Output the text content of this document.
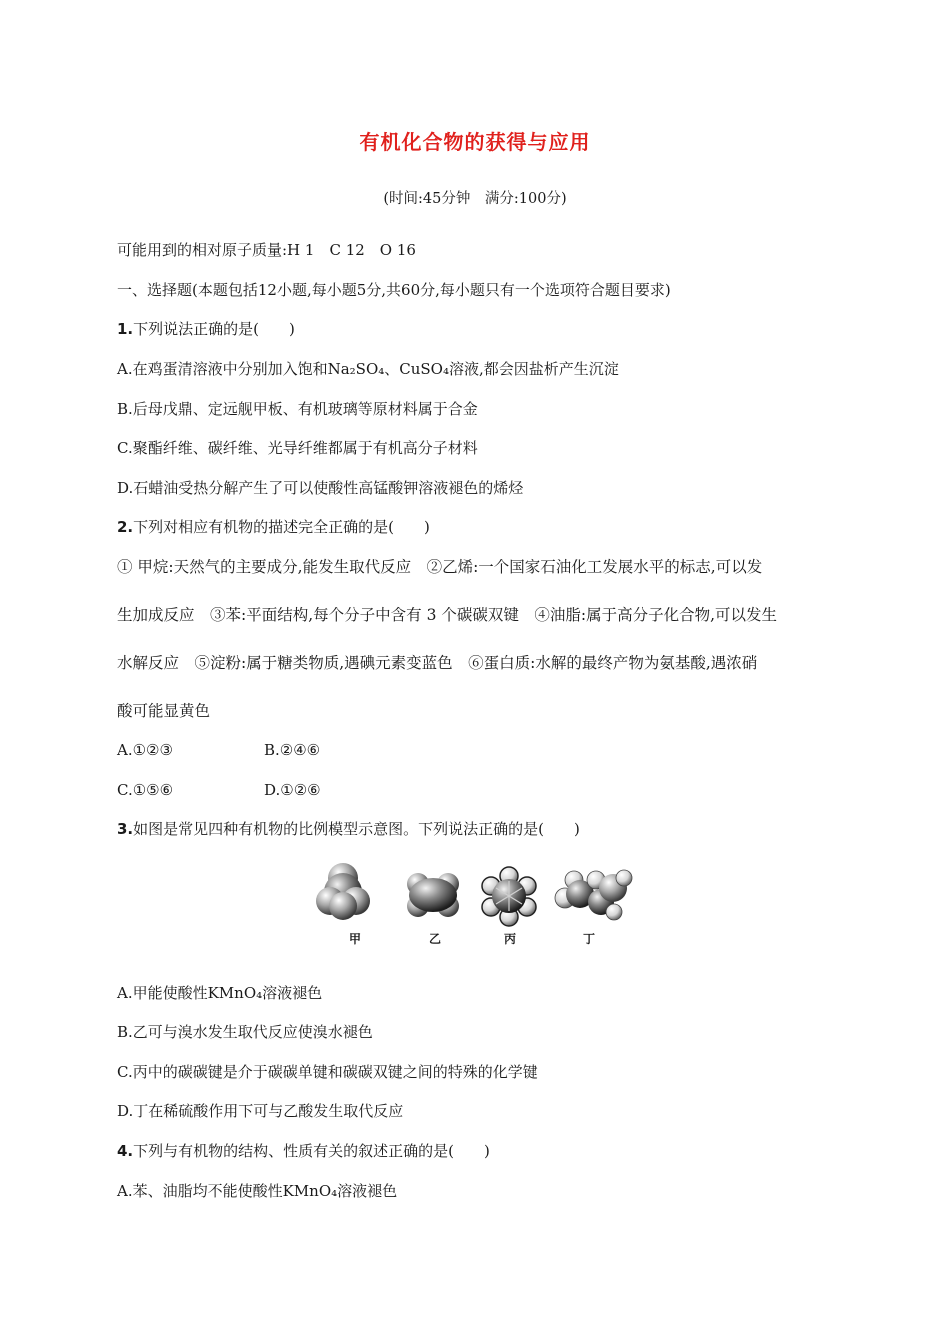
有机化合物的获得与应用
(时间:45分钟　满分:100分)
可能用到的相对原子质量:H 1　C 12　O 16
一、选择题(本题包括12小题,每小题5分,共60分,每小题只有一个选项符合题目要求)
1.下列说法正确的是(　　)
A.在鸡蛋清溶液中分别加入饱和Na₂SO₄、CuSO₄溶液,都会因盐析产生沉淀
B.后母戊鼎、定远舰甲板、有机玻璃等原材料属于合金
C.聚酯纤维、碳纤维、光导纤维都属于有机高分子材料
D.石蜡油受热分解产生了可以使酸性高锰酸钾溶液褪色的烯烃
2.下列对相应有机物的描述完全正确的是(　　)
① 甲烷:天然气的主要成分,能发生取代反应　②乙烯:一个国家石油化工发展水平的标志,可以发
生加成反应　③苯:平面结构,每个分子中含有 3 个碳碳双键　④油脂:属于高分子化合物,可以发生
水解反应　⑤淀粉:属于糖类物质,遇碘元素变蓝色　⑥蛋白质:水解的最终产物为氨基酸,遇浓硝
酸可能显黄色
A.①②③	B.②④⑥
C.①⑤⑥	D.①②⑥
3.如图是常见四种有机物的比例模型示意图。下列说法正确的是(　　)
甲	乙	丙	丁
A.甲能使酸性KMnO₄溶液褪色
B.乙可与溴水发生取代反应使溴水褪色
C.丙中的碳碳键是介于碳碳单键和碳碳双键之间的特殊的化学键
D.丁在稀硫酸作用下可与乙酸发生取代反应
4.下列与有机物的结构、性质有关的叙述正确的是(　　)
A.苯、油脂均不能使酸性KMnO₄溶液褪色
